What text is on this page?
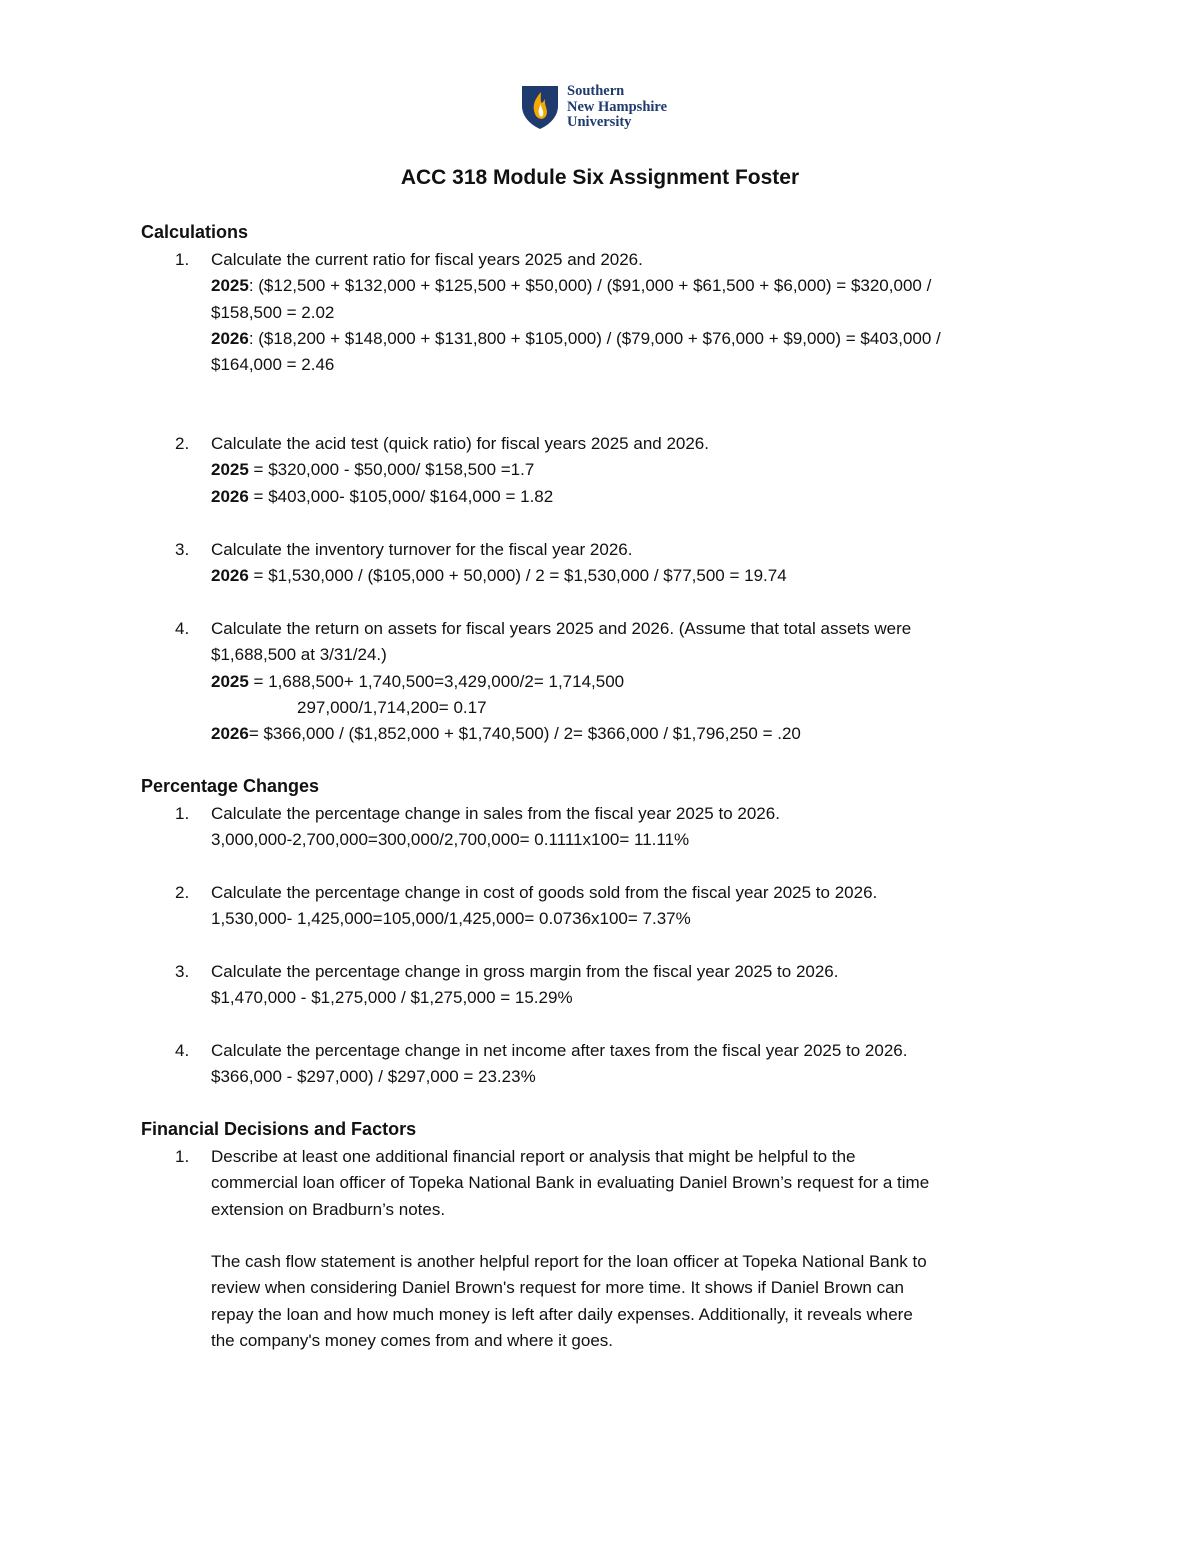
Southern
New Hampshire
University
ACC 318 Module Six Assignment Foster
Calculations
1. Calculate the current ratio for fiscal years 2025 and 2026.
2025: ($12,500 + $132,000 + $125,500 + $50,000) / ($91,000 + $61,500 + $6,000) = $320,000 /
$158,500 = 2.02
2026: ($18,200 + $148,000 + $131,800 + $105,000) / ($79,000 + $76,000 + $9,000) = $403,000 /
$164,000 = 2.46
2. Calculate the acid test (quick ratio) for fiscal years 2025 and 2026.
2025 = $320,000 - $50,000/ $158,500 =1.7
2026 = $403,000- $105,000/ $164,000 = 1.82
3. Calculate the inventory turnover for the fiscal year 2026.
2026 = $1,530,000 / ($105,000 + 50,000) / 2 = $1,530,000 / $77,500 = 19.74
4. Calculate the return on assets for fiscal years 2025 and 2026. (Assume that total assets were
$1,688,500 at 3/31/24.)
2025 = 1,688,500+ 1,740,500=3,429,000/2= 1,714,500
297,000/1,714,200= 0.17
2026= $366,000 / ($1,852,000 + $1,740,500) / 2= $366,000 / $1,796,250 = .20
Percentage Changes
1. Calculate the percentage change in sales from the fiscal year 2025 to 2026.
3,000,000-2,700,000=300,000/2,700,000= 0.1111x100= 11.11%
2. Calculate the percentage change in cost of goods sold from the fiscal year 2025 to 2026.
1,530,000- 1,425,000=105,000/1,425,000= 0.0736x100= 7.37%
3. Calculate the percentage change in gross margin from the fiscal year 2025 to 2026.
$1,470,000 - $1,275,000 / $1,275,000 = 15.29%
4. Calculate the percentage change in net income after taxes from the fiscal year 2025 to 2026.
$366,000 - $297,000) / $297,000 = 23.23%
Financial Decisions and Factors
1. Describe at least one additional financial report or analysis that might be helpful to the
commercial loan officer of Topeka National Bank in evaluating Daniel Brown’s request for a time
extension on Bradburn’s notes.

The cash flow statement is another helpful report for the loan officer at Topeka National Bank to
review when considering Daniel Brown's request for more time. It shows if Daniel Brown can
repay the loan and how much money is left after daily expenses. Additionally, it reveals where
the company's money comes from and where it goes.
